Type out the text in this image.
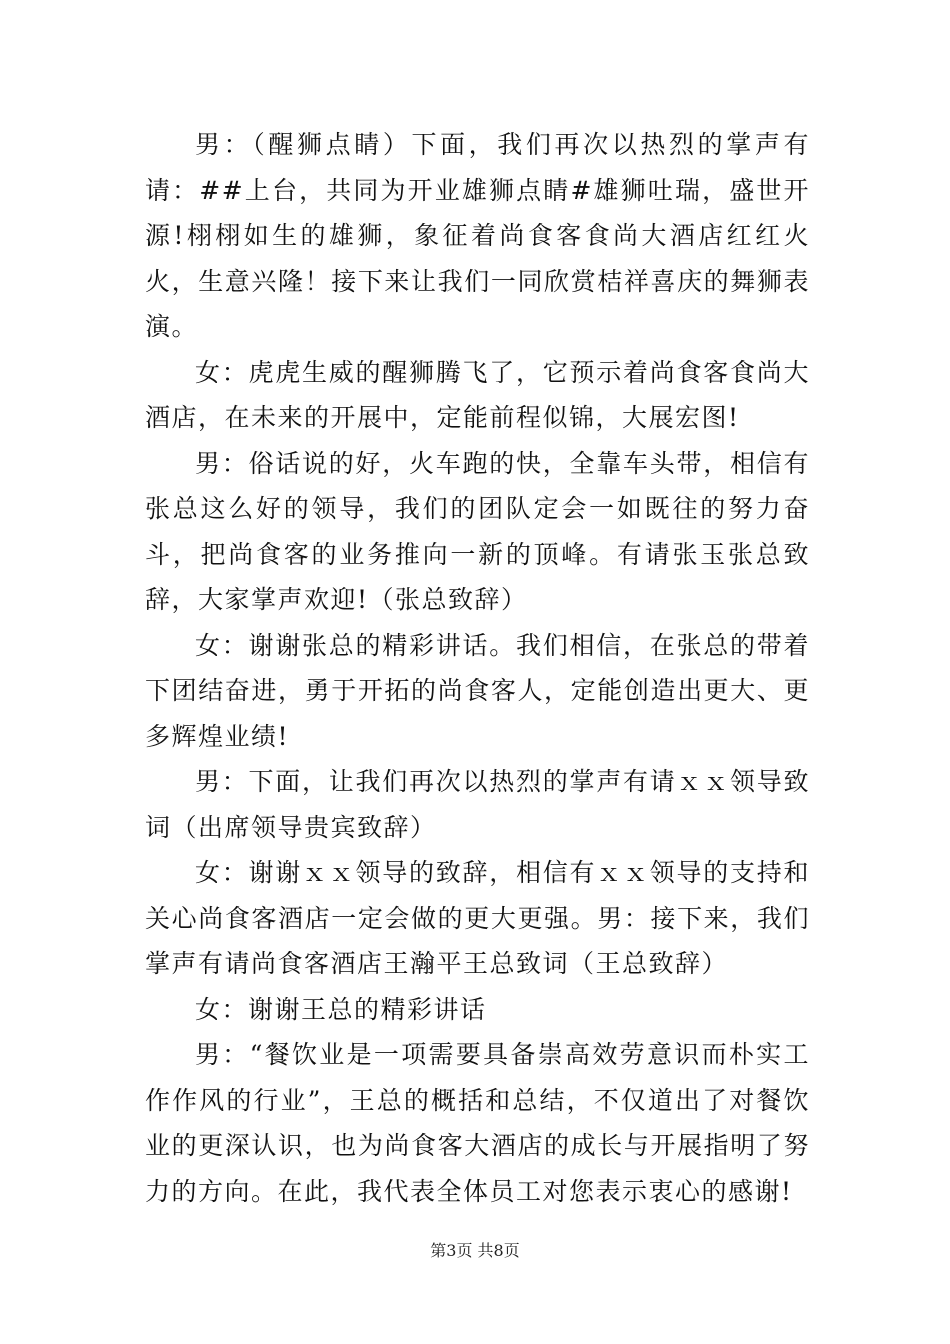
男：（醒狮点睛）下面，我们再次以热烈的掌声有请：##上台，共同为开业雄狮点睛#雄狮吐瑞，盛世开源!栩栩如生的雄狮，象征着尚食客食尚大酒店红红火火，生意兴隆！接下来让我们一同欣赏桔祥喜庆的舞狮表演。

女：虎虎生威的醒狮腾飞了，它预示着尚食客食尚大酒店，在未来的开展中，定能前程似锦，大展宏图!

男：俗话说的好，火车跑的快，全靠车头带，相信有张总这么好的领导，我们的团队定会一如既往的努力奋斗，把尚食客的业务推向一新的顶峰。有请张玉张总致辞，大家掌声欢迎!（张总致辞）

女：谢谢张总的精彩讲话。我们相信，在张总的带着下团结奋进，勇于开拓的尚食客人，定能创造出更大、更多辉煌业绩!

男：下面，让我们再次以热烈的掌声有请ｘｘ领导致词（出席领导贵宾致辞）

女：谢谢ｘｘ领导的致辞，相信有ｘｘ领导的支持和关心尚食客酒店一定会做的更大更强。男：接下来，我们掌声有请尚食客酒店王瀚平王总致词（王总致辞）

女：谢谢王总的精彩讲话

男：“餐饮业是一项需要具备崇高效劳意识而朴实工作作风的行业”，王总的概括和总结，不仅道出了对餐饮业的更深认识，也为尚食客大酒店的成长与开展指明了努力的方向。在此，我代表全体员工对您表示衷心的感谢!

第3页 共8页
